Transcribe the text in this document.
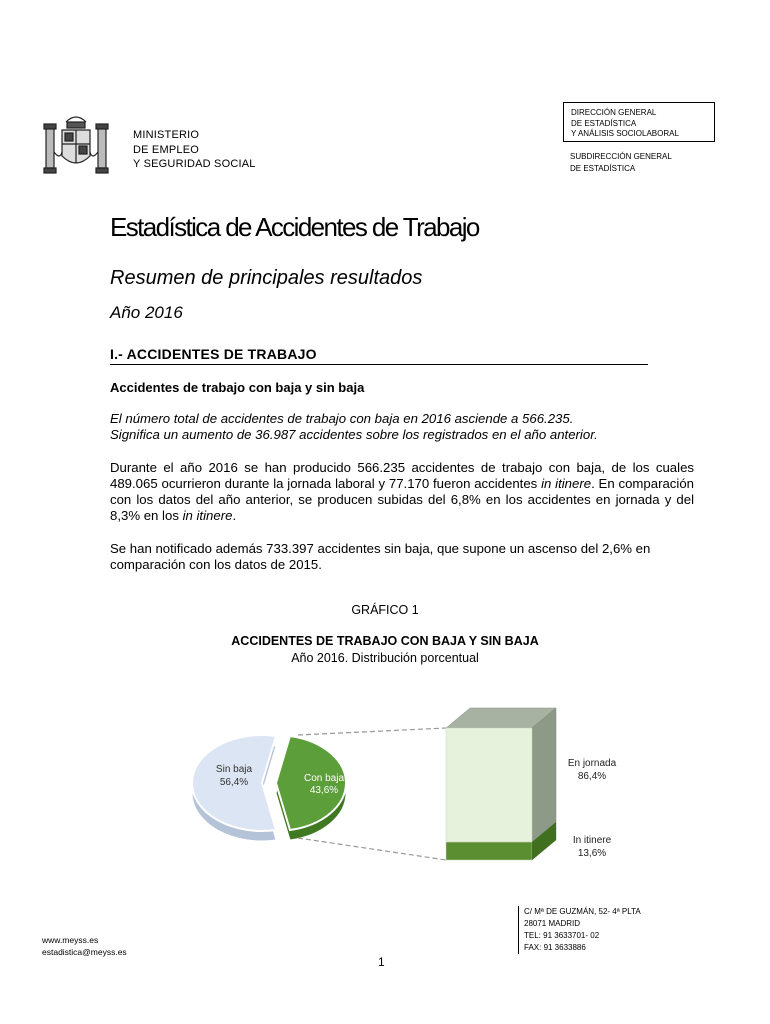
MINISTERIO
DE EMPLEO
Y SEGURIDAD SOCIAL
DIRECCIÓN GENERAL
DE ESTADÍSTICA
Y ANÁLISIS SOCIOLABORAL
SUBDIRECCIÓN GENERAL
DE ESTADÍSTICA
Estadística de Accidentes de Trabajo
Resumen de principales resultados
Año 2016
I.- ACCIDENTES DE TRABAJO
Accidentes de trabajo con baja y sin baja
El número total de accidentes de trabajo con baja en 2016 asciende a 566.235.
Significa un aumento de 36.987 accidentes sobre los registrados en el año anterior.
Durante el año 2016 se han producido 566.235 accidentes de trabajo con baja, de los cuales 489.065 ocurrieron durante la jornada laboral y 77.170 fueron accidentes in itinere. En comparación con los datos del año anterior, se producen subidas del 6,8% en los accidentes en jornada y del 8,3% en los in itinere.
Se han notificado además 733.397 accidentes sin baja, que supone un ascenso del 2,6% en comparación con los datos de 2015.
GRÁFICO 1
ACCIDENTES DE TRABAJO CON BAJA Y SIN BAJA
Año 2016. Distribución porcentual
Sin baja
56,4%	Con baja
43,6%
En jornada
86,4%
In itinere
13,6%
www.meyss.es
estadistica@meyss.es
C/ Mª DE GUZMÁN, 52- 4ª PLTA
28071 MADRID
TEL: 91 3633701- 02
FAX: 91 3633886
1
